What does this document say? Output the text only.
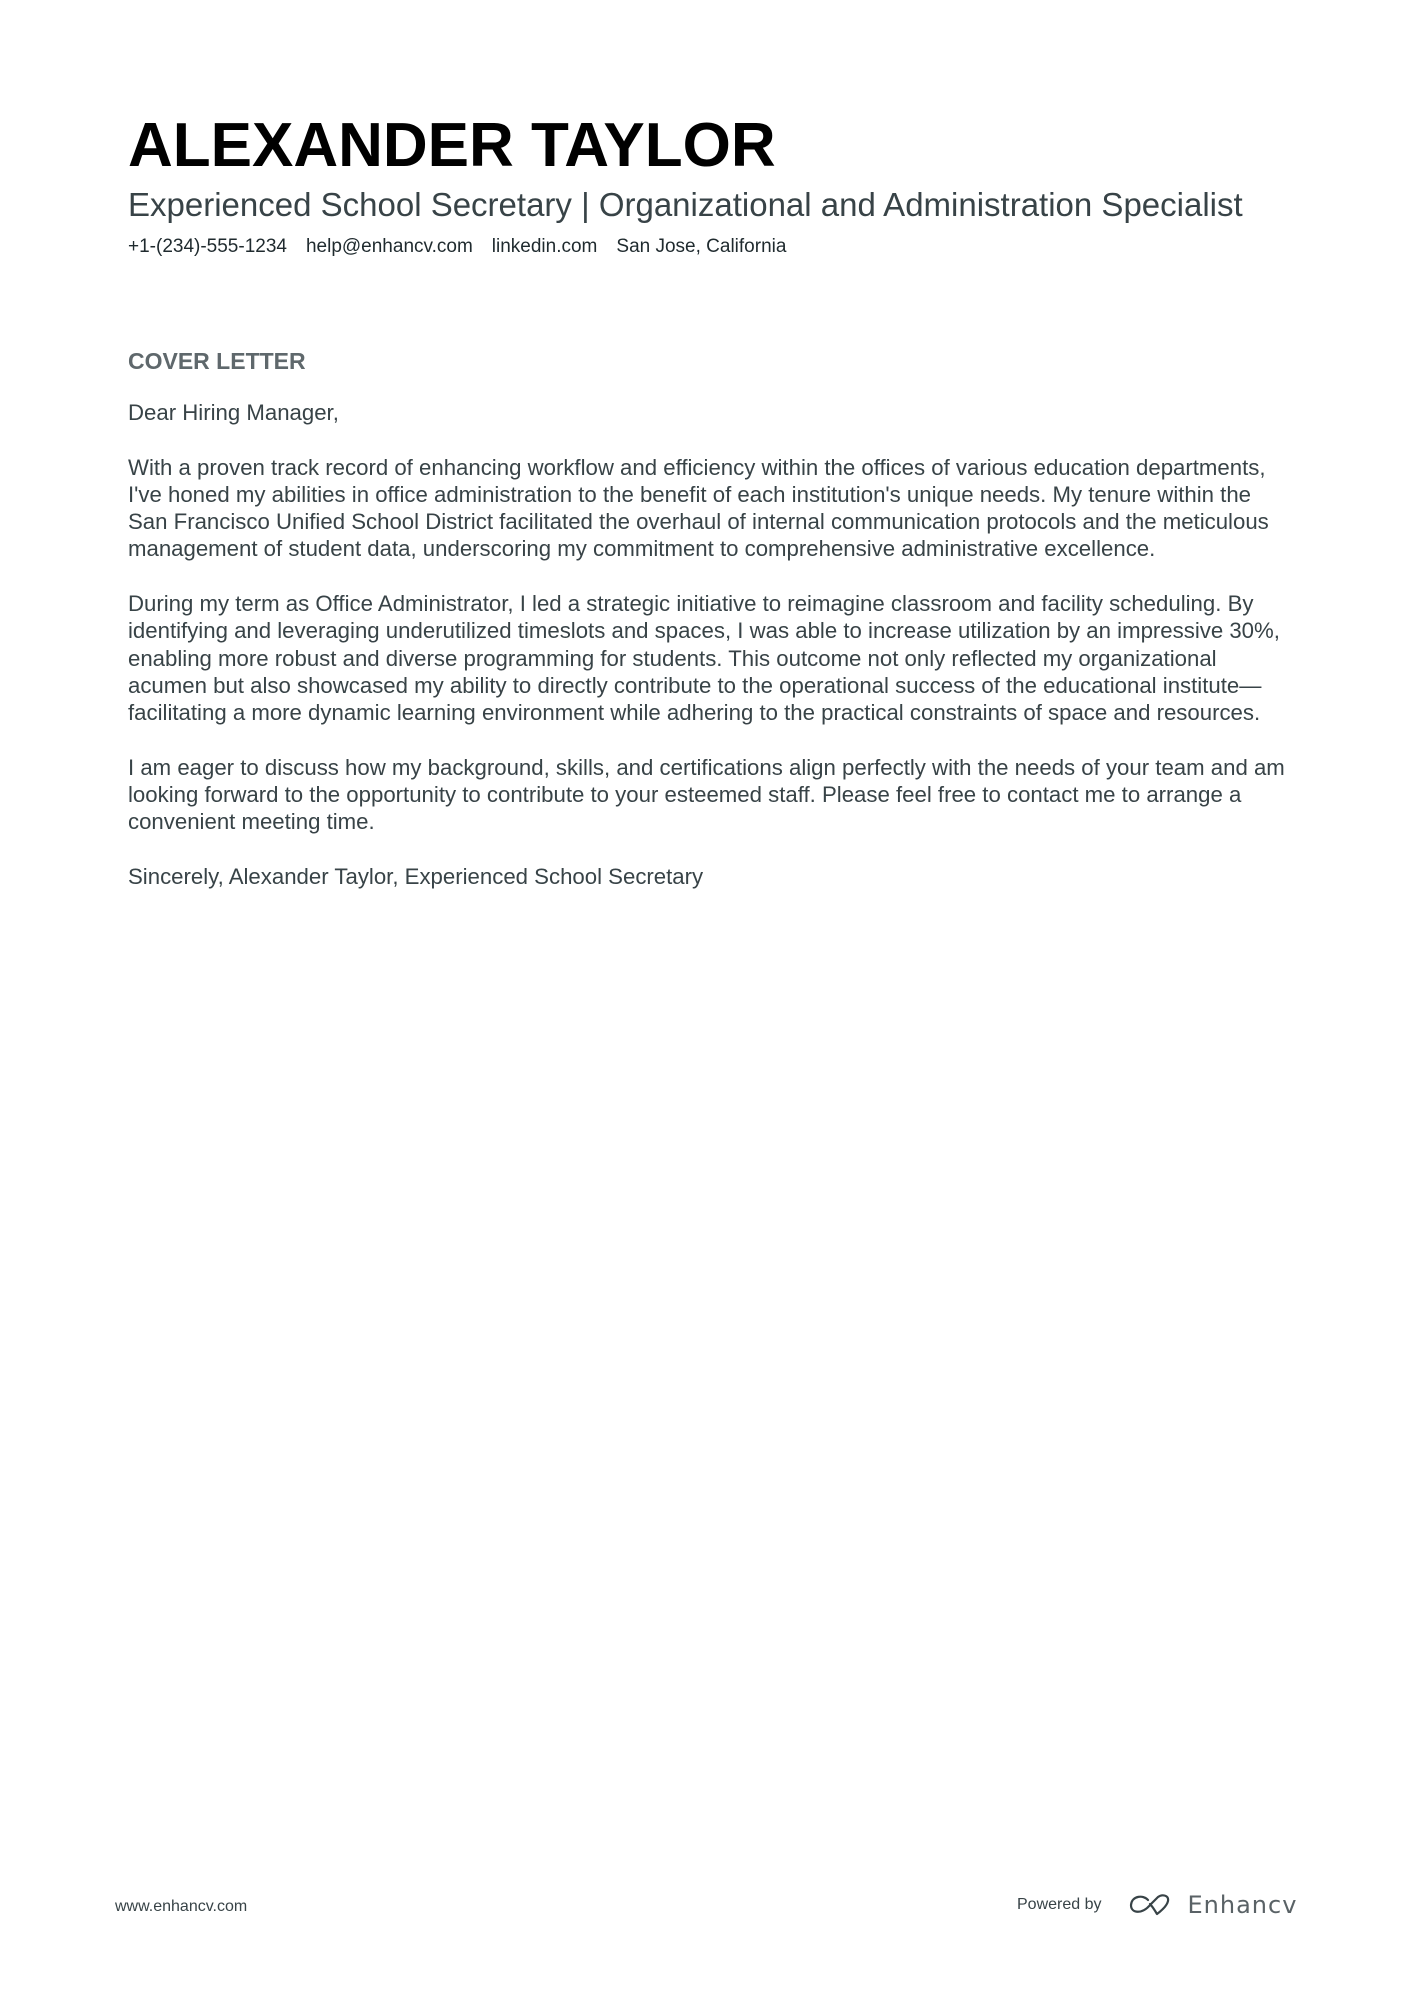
ALEXANDER TAYLOR
Experienced School Secretary | Organizational and Administration Specialist
+1-(234)-555-1234 help@enhancv.com linkedin.com San Jose, California
COVER LETTER

Dear Hiring Manager,

With a proven track record of enhancing workflow and efficiency within the offices of various education departments, I've honed my abilities in office administration to the benefit of each institution's unique needs. My tenure within the San Francisco Unified School District facilitated the overhaul of internal communication protocols and the meticulous management of student data, underscoring my commitment to comprehensive administrative excellence.

During my term as Office Administrator, I led a strategic initiative to reimagine classroom and facility scheduling. By identifying and leveraging underutilized timeslots and spaces, I was able to increase utilization by an impressive 30%, enabling more robust and diverse programming for students. This outcome not only reflected my organizational acumen but also showcased my ability to directly contribute to the operational success of the educational institute—facilitating a more dynamic learning environment while adhering to the practical constraints of space and resources.

I am eager to discuss how my background, skills, and certifications align perfectly with the needs of your team and am looking forward to the opportunity to contribute to your esteemed staff. Please feel free to contact me to arrange a convenient meeting time.

Sincerely, Alexander Taylor, Experienced School Secretary

www.enhancv.com	Powered by	Enhancv
